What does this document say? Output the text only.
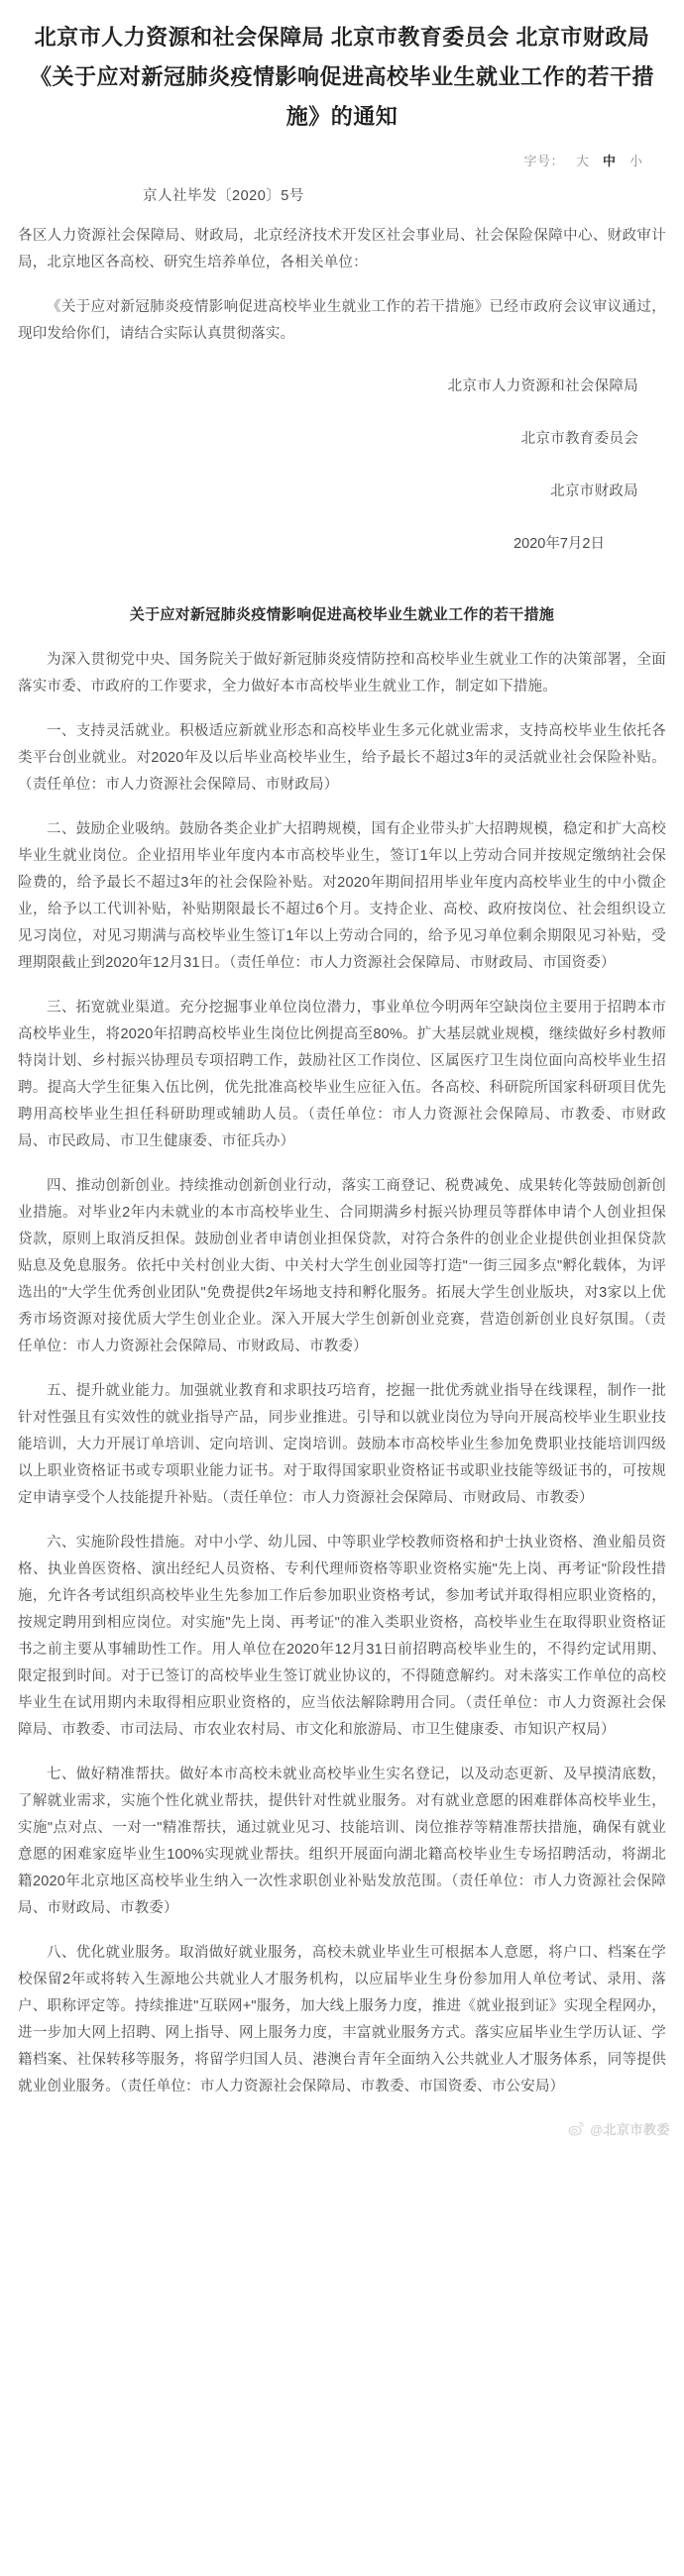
北京市人力资源和社会保障局 北京市教育委员会 北京市财政局《关于应对新冠肺炎疫情影响促进高校毕业生就业工作的若干措施》的通知
字号： 大 中 小
京人社毕发〔2020〕5号

各区人力资源社会保障局、财政局，北京经济技术开发区社会事业局、社会保险保障中心、财政审计局，北京地区各高校、研究生培养单位，各相关单位：

《关于应对新冠肺炎疫情影响促进高校毕业生就业工作的若干措施》已经市政府会议审议通过，现印发给你们，请结合实际认真贯彻落实。

北京市人力资源和社会保障局
北京市教育委员会
北京市财政局
2020年7月2日
关于应对新冠肺炎疫情影响促进高校毕业生就业工作的若干措施

为深入贯彻党中央、国务院关于做好新冠肺炎疫情防控和高校毕业生就业工作的决策部署，全面落实市委、市政府的工作要求，全力做好本市高校毕业生就业工作，制定如下措施。

一、支持灵活就业。积极适应新就业形态和高校毕业生多元化就业需求，支持高校毕业生依托各类平台创业就业。对2020年及以后毕业高校毕业生，给予最长不超过3年的灵活就业社会保险补贴。（责任单位：市人力资源社会保障局、市财政局）

二、鼓励企业吸纳。鼓励各类企业扩大招聘规模，国有企业带头扩大招聘规模，稳定和扩大高校毕业生就业岗位。企业招用毕业年度内本市高校毕业生，签订1年以上劳动合同并按规定缴纳社会保险费的，给予最长不超过3年的社会保险补贴。对2020年期间招用毕业年度内高校毕业生的中小微企业，给予以工代训补贴，补贴期限最长不超过6个月。支持企业、高校、政府按岗位、社会组织设立见习岗位，对见习期满与高校毕业生签订1年以上劳动合同的，给予见习单位剩余期限见习补贴，受理期限截止到2020年12月31日。（责任单位：市人力资源社会保障局、市财政局、市国资委）

三、拓宽就业渠道。充分挖掘事业单位岗位潜力，事业单位今明两年空缺岗位主要用于招聘本市高校毕业生，将2020年招聘高校毕业生岗位比例提高至80%。扩大基层就业规模，继续做好乡村教师特岗计划、乡村振兴协理员专项招聘工作，鼓励社区工作岗位、区属医疗卫生岗位面向高校毕业生招聘。提高大学生征集入伍比例，优先批准高校毕业生应征入伍。各高校、科研院所国家科研项目优先聘用高校毕业生担任科研助理或辅助人员。（责任单位：市人力资源社会保障局、市教委、市财政局、市民政局、市卫生健康委、市征兵办）

四、推动创新创业。持续推动创新创业行动，落实工商登记、税费减免、成果转化等鼓励创新创业措施。对毕业2年内未就业的本市高校毕业生、合同期满乡村振兴协理员等群体申请个人创业担保贷款，原则上取消反担保。鼓励创业者申请创业担保贷款，对符合条件的创业企业提供创业担保贷款贴息及免息服务。依托中关村创业大街、中关村大学生创业园等打造"一街三园多点"孵化载体，为评选出的"大学生优秀创业团队"免费提供2年场地支持和孵化服务。拓展大学生创业版块，对3家以上优秀市场资源对接优质大学生创业企业。深入开展大学生创新创业竞赛，营造创新创业良好氛围。（责任单位：市人力资源社会保障局、市财政局、市教委）

五、提升就业能力。加强就业教育和求职技巧培育，挖掘一批优秀就业指导在线课程，制作一批针对性强且有实效性的就业指导产品，同步业推进。引导和以就业岗位为导向开展高校毕业生职业技能培训，大力开展订单培训、定向培训、定岗培训。鼓励本市高校毕业生参加免费职业技能培训四级以上职业资格证书或专项职业能力证书。对于取得国家职业资格证书或职业技能等级证书的，可按规定申请享受个人技能提升补贴。（责任单位：市人力资源社会保障局、市财政局、市教委）

六、实施阶段性措施。对中小学、幼儿园、中等职业学校教师资格和护士执业资格、渔业船员资格、执业兽医资格、演出经纪人员资格、专利代理师资格等职业资格实施"先上岗、再考证"阶段性措施，允许各考试组织高校毕业生先参加工作后参加职业资格考试，参加考试并取得相应职业资格的，按规定聘用到相应岗位。对实施"先上岗、再考证"的准入类职业资格，高校毕业生在取得职业资格证书之前主要从事辅助性工作。用人单位在2020年12月31日前招聘高校毕业生的，不得约定试用期、限定报到时间。对于已签订的高校毕业生签订就业协议的，不得随意解约。对未落实工作单位的高校毕业生在试用期内未取得相应职业资格的，应当依法解除聘用合同。（责任单位：市人力资源社会保障局、市教委、市司法局、市农业农村局、市文化和旅游局、市卫生健康委、市知识产权局）

七、做好精准帮扶。做好本市高校未就业高校毕业生实名登记，以及动态更新、及早摸清底数，了解就业需求，实施个性化就业帮扶，提供针对性就业服务。对有就业意愿的困难群体高校毕业生，实施"点对点、一对一"精准帮扶，通过就业见习、技能培训、岗位推荐等精准帮扶措施，确保有就业意愿的困难家庭毕业生100%实现就业帮扶。组织开展面向湖北籍高校毕业生专场招聘活动，将湖北籍2020年北京地区高校毕业生纳入一次性求职创业补贴发放范围。（责任单位：市人力资源社会保障局、市财政局、市教委）

八、优化就业服务。取消做好就业服务，高校未就业毕业生可根据本人意愿，将户口、档案在学校保留2年或将转入生源地公共就业人才服务机构，以应届毕业生身份参加用人单位考试、录用、落户、职称评定等。持续推进"互联网+"服务，加大线上服务力度，推进《就业报到证》实现全程网办，进一步加大网上招聘、网上指导、网上服务力度，丰富就业服务方式。落实应届毕业生学历认证、学籍档案、社保转移等服务，将留学归国人员、港澳台青年全面纳入公共就业人才服务体系，同等提供就业创业服务。（责任单位：市人力资源社会保障局、市教委、市国资委、市公安局）

@北京市教委
